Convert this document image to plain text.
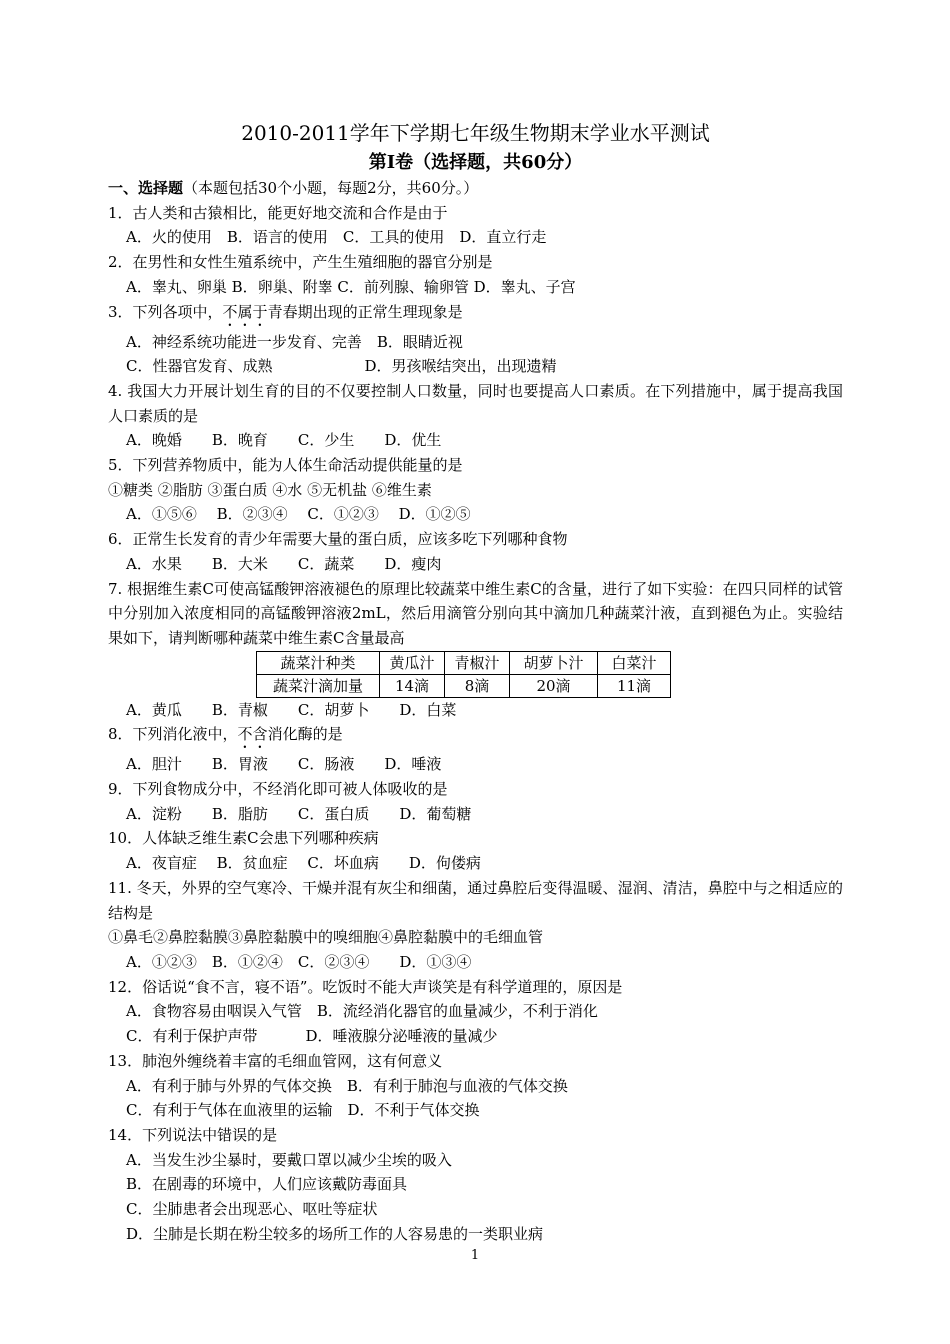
2010-2011学年下学期七年级生物期末学业水平测试
第Ⅰ卷（选择题，共60分）
一、选择题（本题包括30个小题，每题2分，共60分。）
1．古人类和古猿相比，能更好地交流和合作是由于
A．火的使用　B．语言的使用　C．工具的使用　D．直立行走
2．在男性和女性生殖系统中，产生生殖细胞的器官分别是
A．睾丸、卵巢 B．卵巢、附睾 C．前列腺、输卵管 D．睾丸、子宫
3．下列各项中，不属于青春期出现的正常生理现象是
A．神经系统功能进一步发育、完善　B．眼睛近视
C．性器官发育、成熟	D．男孩喉结突出，出现遗精
4. 我国大力开展计划生育的目的不仅要控制人口数量，同时也要提高人口素质。在下列措施中，属于提高我国人口素质的是
A．晚婚　　B．晚育　　C．少生　　D．优生
5．下列营养物质中，能为人体生命活动提供能量的是
①糖类 ②脂肪 ③蛋白质 ④水 ⑤无机盐 ⑥维生素
A．①⑤⑥　 B．②③④　 C．①②③　 D．①②⑤
6．正常生长发育的青少年需要大量的蛋白质，应该多吃下列哪种食物
A．水果　　B．大米　　C．蔬菜　　D．瘦肉
7. 根据维生素C可使高锰酸钾溶液褪色的原理比较蔬菜中维生素C的含量，进行了如下实验：在四只同样的试管中分别加入浓度相同的高锰酸钾溶液2mL，然后用滴管分别向其中滴加几种蔬菜汁液，直到褪色为止。实验结果如下，请判断哪种蔬菜中维生素C含量最高
蔬菜汁种类	黄瓜汁	青椒汁	胡萝卜汁	白菜汁
蔬菜汁滴加量	14滴	8滴	20滴	11滴
A．黄瓜　　B．青椒　　C．胡萝卜　　D．白菜
8．下列消化液中，不含消化酶的是
A．胆汁　　B．胃液　　C．肠液　　D．唾液
9．下列食物成分中，不经消化即可被人体吸收的是
A．淀粉　　B．脂肪　　C．蛋白质　　D．葡萄糖
10．人体缺乏维生素C会患下列哪种疾病
A．夜盲症　 B．贫血症　 C．坏血病　　D．佝偻病
11. 冬天，外界的空气寒冷、干燥并混有灰尘和细菌，通过鼻腔后变得温暖、湿润、清洁，鼻腔中与之相适应的结构是
①鼻毛②鼻腔黏膜③鼻腔黏膜中的嗅细胞④鼻腔黏膜中的毛细血管
A．①②③　B．①②④　C．②③④　　D．①③④
12．俗话说“食不言，寝不语”。吃饭时不能大声谈笑是有科学道理的，原因是
A．食物容易由咽误入气管　B．流经消化器官的血量减少，不利于消化
C．有利于保护声带	D．唾液腺分泌唾液的量减少
13．肺泡外缠绕着丰富的毛细血管网，这有何意义
A．有利于肺与外界的气体交换　B．有利于肺泡与血液的气体交换
C．有利于气体在血液里的运输　D．不利于气体交换
14．下列说法中错误的是
A．当发生沙尘暴时，要戴口罩以减少尘埃的吸入
B．在剧毒的环境中，人们应该戴防毒面具
C．尘肺患者会出现恶心、呕吐等症状
D．尘肺是长期在粉尘较多的场所工作的人容易患的一类职业病
1
